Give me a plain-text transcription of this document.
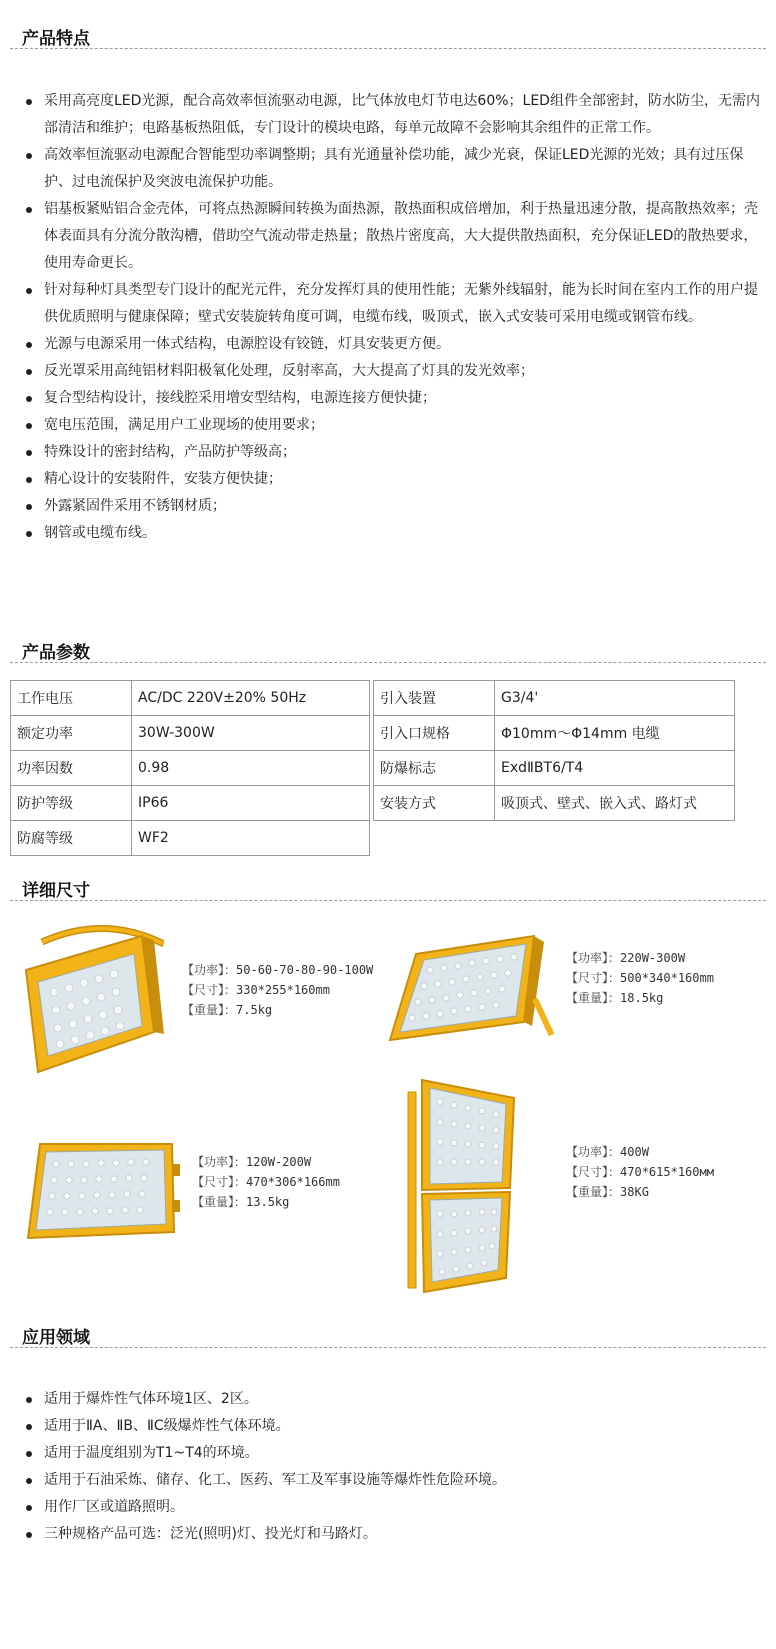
产品特点
采用高亮度LED光源，配合高效率恒流驱动电源，比气体放电灯节电达60%；LED组件全部密封，防水防尘，无需内部清洁和维护；电路基板热阻低，专门设计的模块电路，每单元故障不会影响其余组件的正常工作。
高效率恒流驱动电源配合智能型功率调整期；具有光通量补偿功能，减少光衰，保证LED光源的光效；具有过压保护、过电流保护及突波电流保护功能。
铝基板紧贴铝合金壳体，可将点热源瞬间转换为面热源，散热面积成倍增加，利于热量迅速分散，提高散热效率；壳体表面具有分流分散沟槽，借助空气流动带走热量；散热片密度高，大大提供散热面积，充分保证LED的散热要求，使用寿命更长。
针对每种灯具类型专门设计的配光元件，充分发挥灯具的使用性能；无紫外线辐射，能为长时间在室内工作的用户提供优质照明与健康保障；壁式安装旋转角度可调，电缆布线，吸顶式，嵌入式安装可采用电缆或钢管布线。
光源与电源采用一体式结构，电源腔设有铰链，灯具安装更方便。
反光罩采用高纯铝材料阳极氧化处理，反射率高，大大提高了灯具的发光效率；
复合型结构设计，接线腔采用增安型结构，电源连接方便快捷；
宽电压范围，满足用户工业现场的使用要求；
特殊设计的密封结构，产品防护等级高；
精心设计的安装附件，安装方便快捷；
外露紧固件采用不锈钢材质；
钢管或电缆布线。
产品参数
工作电压	AC/DC 220V±20% 50Hz
额定功率	30W-300W
功率因数	0.98
防护等级	IP66
防腐等级	WF2
引入装置	G3/4'
引入口规格	Φ10mm～Φ14mm 电缆
防爆标志	ExdⅡBT6/T4
安装方式	吸顶式、壁式、嵌入式、路灯式
详细尺寸
【功率】：50-60-70-80-90-100W
【尺寸】：330*255*160mm
【重量】：7.5kg
【功率】：220W-300W
【尺寸】：500*340*160mm
【重量】：18.5kg
【功率】：120W-200W
【尺寸】：470*306*166mm
【重量】：13.5kg
【功率】：400W
【尺寸】：470*615*160мм
【重量】：38KG
应用领域
适用于爆炸性气体环境1区、2区。
适用于ⅡA、ⅡB、ⅡC级爆炸性气体环境。
适用于温度组别为T1~T4的环境。
适用于石油采炼、储存、化工、医药、军工及军事设施等爆炸性危险环境。
用作厂区或道路照明。
三种规格产品可选：泛光(照明)灯、投光灯和马路灯。
